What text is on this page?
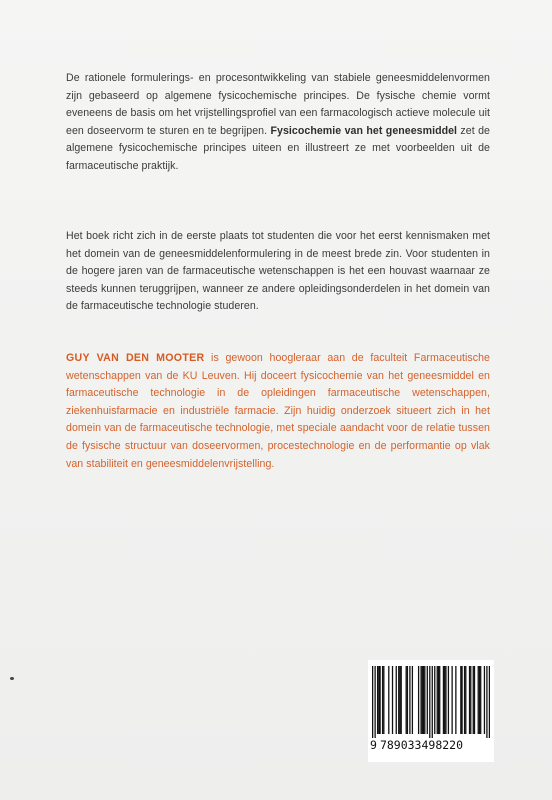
De rationele formulerings- en procesontwikkeling van stabiele geneesmiddelenvormen zijn gebaseerd op algemene fysicochemische principes. De fysische chemie vormt eveneens de basis om het vrijstellingsprofiel van een farmacologisch actieve molecule uit een doseervorm te sturen en te begrijpen. Fysicochemie van het geneesmiddel zet de algemene fysicochemische principes uiteen en illustreert ze met voorbeelden uit de farmaceutische praktijk.

Het boek richt zich in de eerste plaats tot studenten die voor het eerst kennismaken met het domein van de geneesmiddelenformulering in de meest brede zin. Voor studenten in de hogere jaren van de farmaceutische wetenschappen is het een houvast waarnaar ze steeds kunnen teruggrijpen, wanneer ze andere opleidingsonderdelen in het domein van de farmaceutische technologie studeren.

GUY VAN DEN MOOTER is gewoon hoogleraar aan de faculteit Farmaceutische wetenschappen van de KU Leuven. Hij doceert fysicochemie van het geneesmiddel en farmaceutische technologie in de opleidingen farmaceutische wetenschappen, ziekenhuisfarmacie en industriële farmacie. Zijn huidig onderzoek situeert zich in het domein van de farmaceutische technologie, met speciale aandacht voor de relatie tussen de fysische structuur van doseervormen, procestechnologie en de performantie op vlak van stabiliteit en geneesmiddelenvrijstelling.

9 789033498220
